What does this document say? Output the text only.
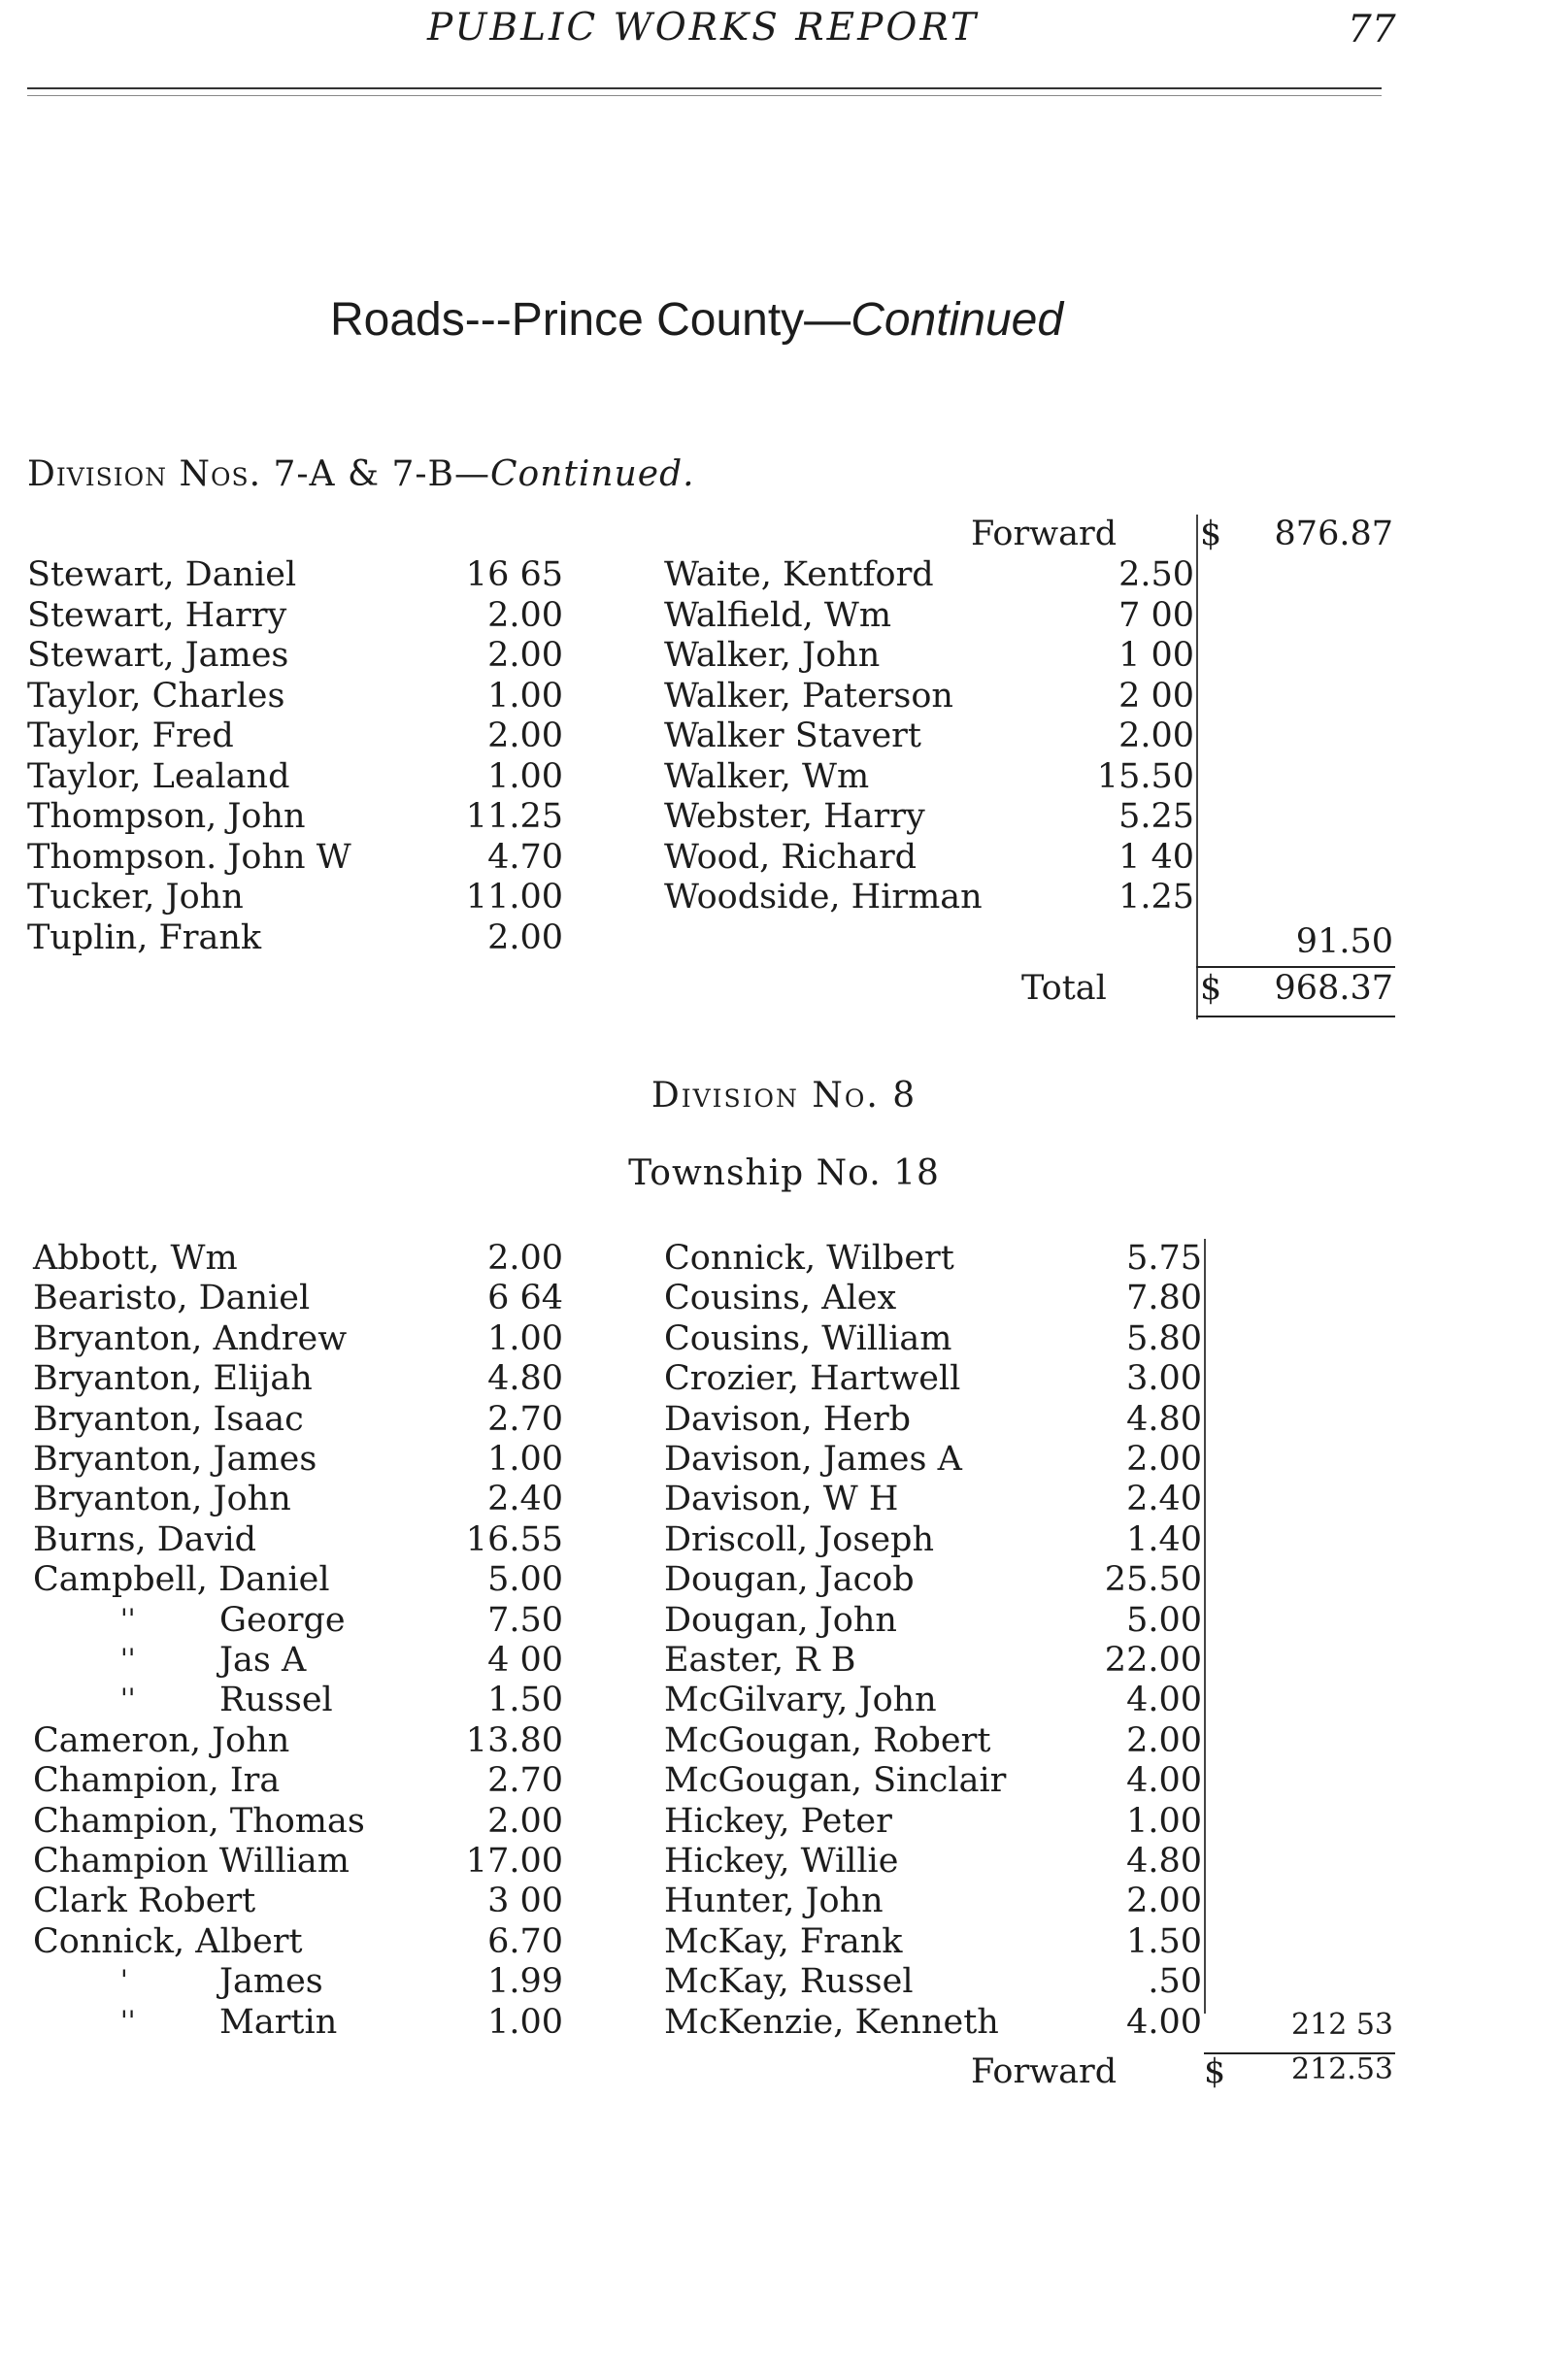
PUBLIC WORKS REPORT	77
Roads---Prince County—Continued
Division Nos. 7-A & 7-B—Continued.
Forward $ 876.87
Stewart, Daniel	16 65
Stewart, Harry	2.00
Stewart, James	2.00
Taylor, Charles	1.00
Taylor, Fred	2.00
Taylor, Lealand	1.00
Thompson, John	11.25
Thompson. John W	4.70
Tucker, John	11.00
Tuplin, Frank	2.00
Waite, Kentford	2.50
Walfield, Wm	7 00
Walker, John	1 00
Walker, Paterson	2 00
Walker Stavert	2.00
Walker, Wm	15.50
Webster, Harry	5.25
Wood, Richard	1 40
Woodside, Hirman	1.25
91.50
Total	$ 968.37
Division No. 8
Township No. 18
Abbott, Wm	2.00
Bearisto, Daniel	6 64
Bryanton, Andrew	1.00
Bryanton, Elijah	4.80
Bryanton, Isaac	2.70
Bryanton, James	1.00
Bryanton, John	2.40
Burns, David	16.55
Campbell, Daniel	5.00
'' George	7.50
'' Jas A	4 00
'' Russel	1.50
Cameron, John	13.80
Champion, Ira	2.70
Champion, Thomas	2.00
Champion William	17.00
Clark Robert	3 00
Connick, Albert	6.70
'	James	1.99
'' Martin	1.00
Connick, Wilbert	5.75
Cousins, Alex	7.80
Cousins, William	5.80
Crozier, Hartwell	3.00
Davison, Herb	4.80
Davison, James A	2.00
Davison, W H	2.40
Driscoll, Joseph	1.40
Dougan, Jacob	25.50
Dougan, John	5.00
Easter, R B	22.00
McGilvary, John	4.00
McGougan, Robert	2.00
McGougan, Sinclair	4.00
Hickey, Peter	1.00
Hickey, Willie	4.80
Hunter, John	2.00
McKay, Frank	1.50
McKay, Russel	.50
McKenzie, Kenneth	4.00	212 53
Forward	$ 212.53
